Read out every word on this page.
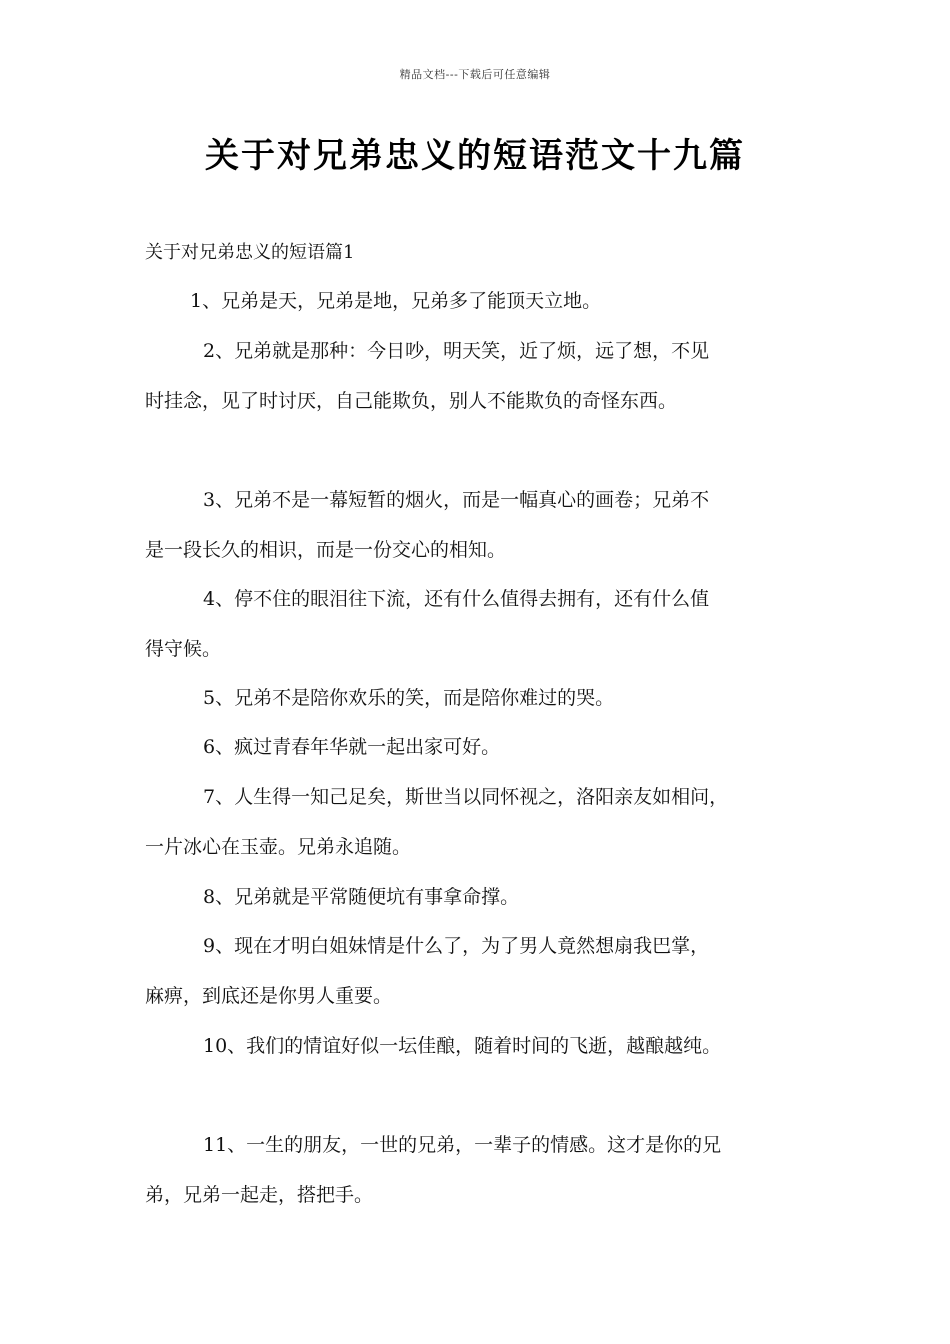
精品文档---下载后可任意编辑
关于对兄弟忠义的短语范文十九篇
关于对兄弟忠义的短语篇1
1、兄弟是天，兄弟是地，兄弟多了能顶天立地。
2、兄弟就是那种：今日吵，明天笑，近了烦，远了想，不见
时挂念，见了时讨厌，自己能欺负，别人不能欺负的奇怪东西。
3、兄弟不是一幕短暂的烟火，而是一幅真心的画卷；兄弟不
是一段长久的相识，而是一份交心的相知。
4、停不住的眼泪往下流，还有什么值得去拥有，还有什么值
得守候。
5、兄弟不是陪你欢乐的笑，而是陪你难过的哭。
6、疯过青春年华就一起出家可好。
7、人生得一知己足矣，斯世当以同怀视之，洛阳亲友如相问，
一片冰心在玉壶。兄弟永追随。
8、兄弟就是平常随便坑有事拿命撑。
9、现在才明白姐妹情是什么了，为了男人竟然想扇我巴掌，
麻痹，到底还是你男人重要。
10、我们的情谊好似一坛佳酿，随着时间的飞逝，越酿越纯。
11、一生的朋友，一世的兄弟，一辈子的情感。这才是你的兄
弟，兄弟一起走，搭把手。
